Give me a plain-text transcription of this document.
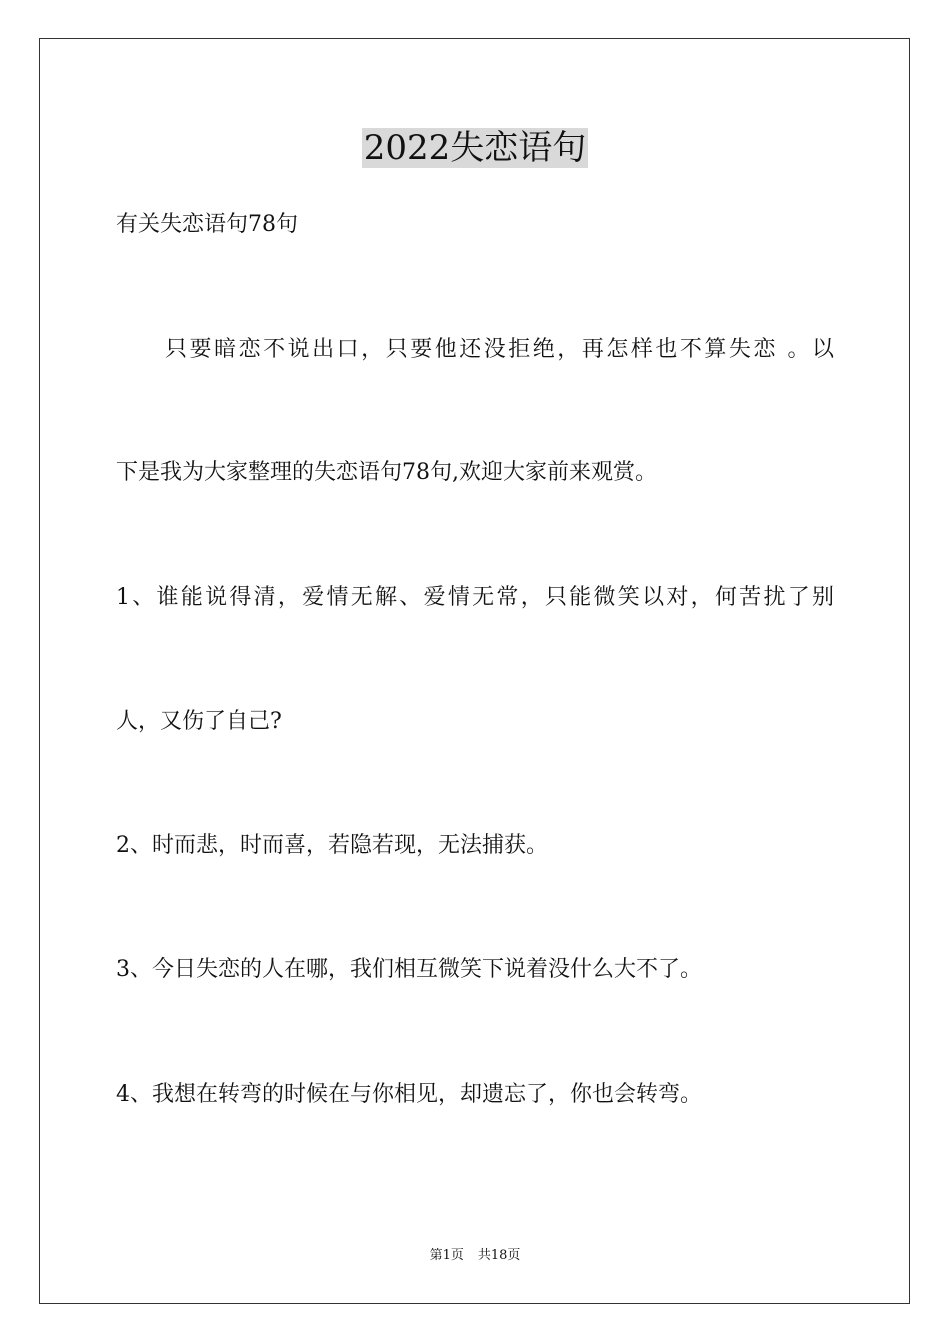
2022失恋语句
有关失恋语句78句
　　只要暗恋不说出口，只要他还没拒绝，再怎样也不算失恋 。以
下是我为大家整理的失恋语句78句,欢迎大家前来观赏。
1、谁能说得清，爱情无解、爱情无常，只能微笑以对，何苦扰了别
人，又伤了自己?
2、时而悲，时而喜，若隐若现，无法捕获。
3、今日失恋的人在哪，我们相互微笑下说着没什么大不了。
4、我想在转弯的时候在与你相见，却遗忘了，你也会转弯。
第1页 共18页
